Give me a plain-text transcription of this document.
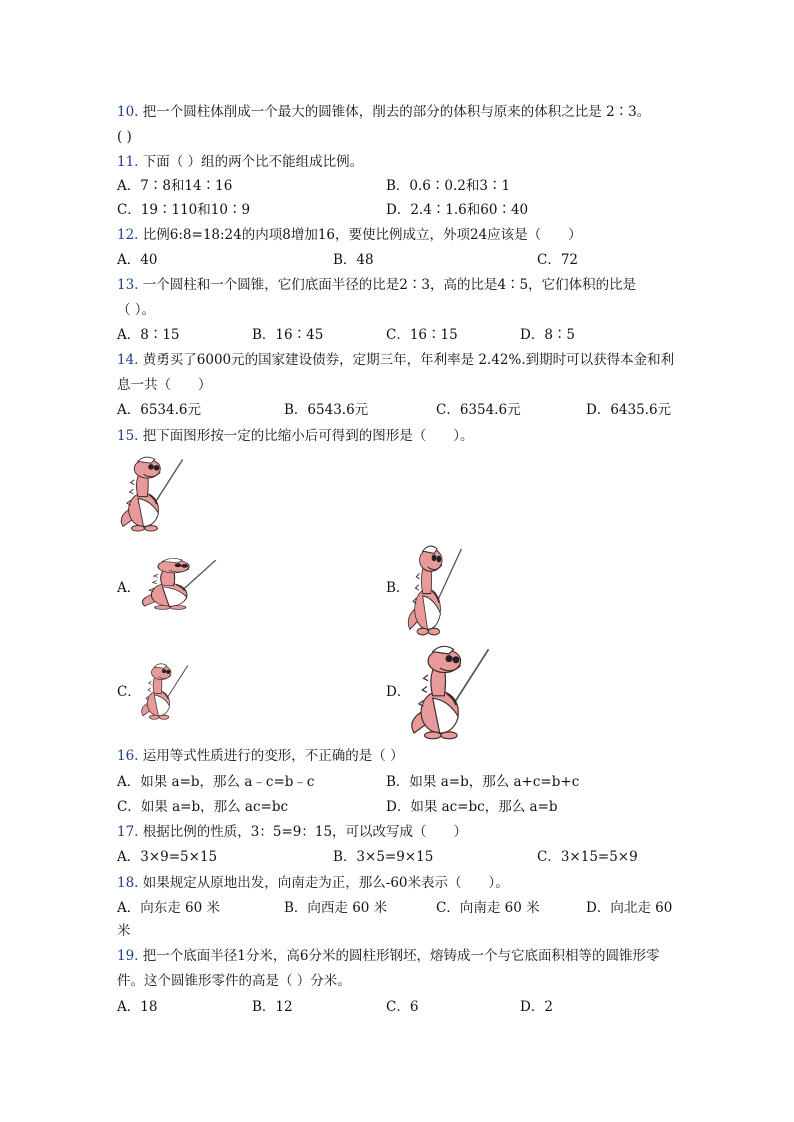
10. 把一个圆柱体削成一个最大的圆锥体，削去的部分的体积与原来的体积之比是 2∶3。
( )
11. 下面（ ）组的两个比不能组成比例。
A．7∶8和14∶16	B．0.6∶0.2和3∶1
C．19∶110和10∶9	D．2.4∶1.6和60∶40
12. 比例6:8=18:24的内项8增加16，要使比例成立，外项24应该是（　　）
A．40	B．48	C．72
13. 一个圆柱和一个圆锥，它们底面半径的比是2∶3，高的比是4∶5，它们体积的比是
（ ）。
A．8∶15	B．16∶45	C．16∶15	D．8∶5
14. 黄勇买了6000元的国家建设债券，定期三年，年利率是 2.42%.到期时可以获得本金和利
息一共（　　）
A．6534.6元	B．6543.6元	C．6354.6元	D．6435.6元
15. 把下面图形按一定的比缩小后可得到的图形是（　　）。
A．	B．
C．	D．
16. 运用等式性质进行的变形，不正确的是（ ）
A．如果 a=b，那么 a﹣c=b﹣c	B．如果 a=b，那么 a+c=b+c
C．如果 a=b，那么 ac=bc	D．如果 ac=bc，那么 a=b
17. 根据比例的性质，3：5=9：15，可以改写成（　　）
A．3×9=5×15	B．3×5=9×15	C．3×15=5×9
18. 如果规定从原地出发，向南走为正，那么-60米表示（　　）。
A．向东走 60 米	B．向西走 60 米	C．向南走 60 米	D．向北走 60
米
19. 把一个底面半径1分米，高6分米的圆柱形钢坯，熔铸成一个与它底面积相等的圆锥形零
件。这个圆锥形零件的高是（ ）分米。
A．18	B．12	C．6	D．2
